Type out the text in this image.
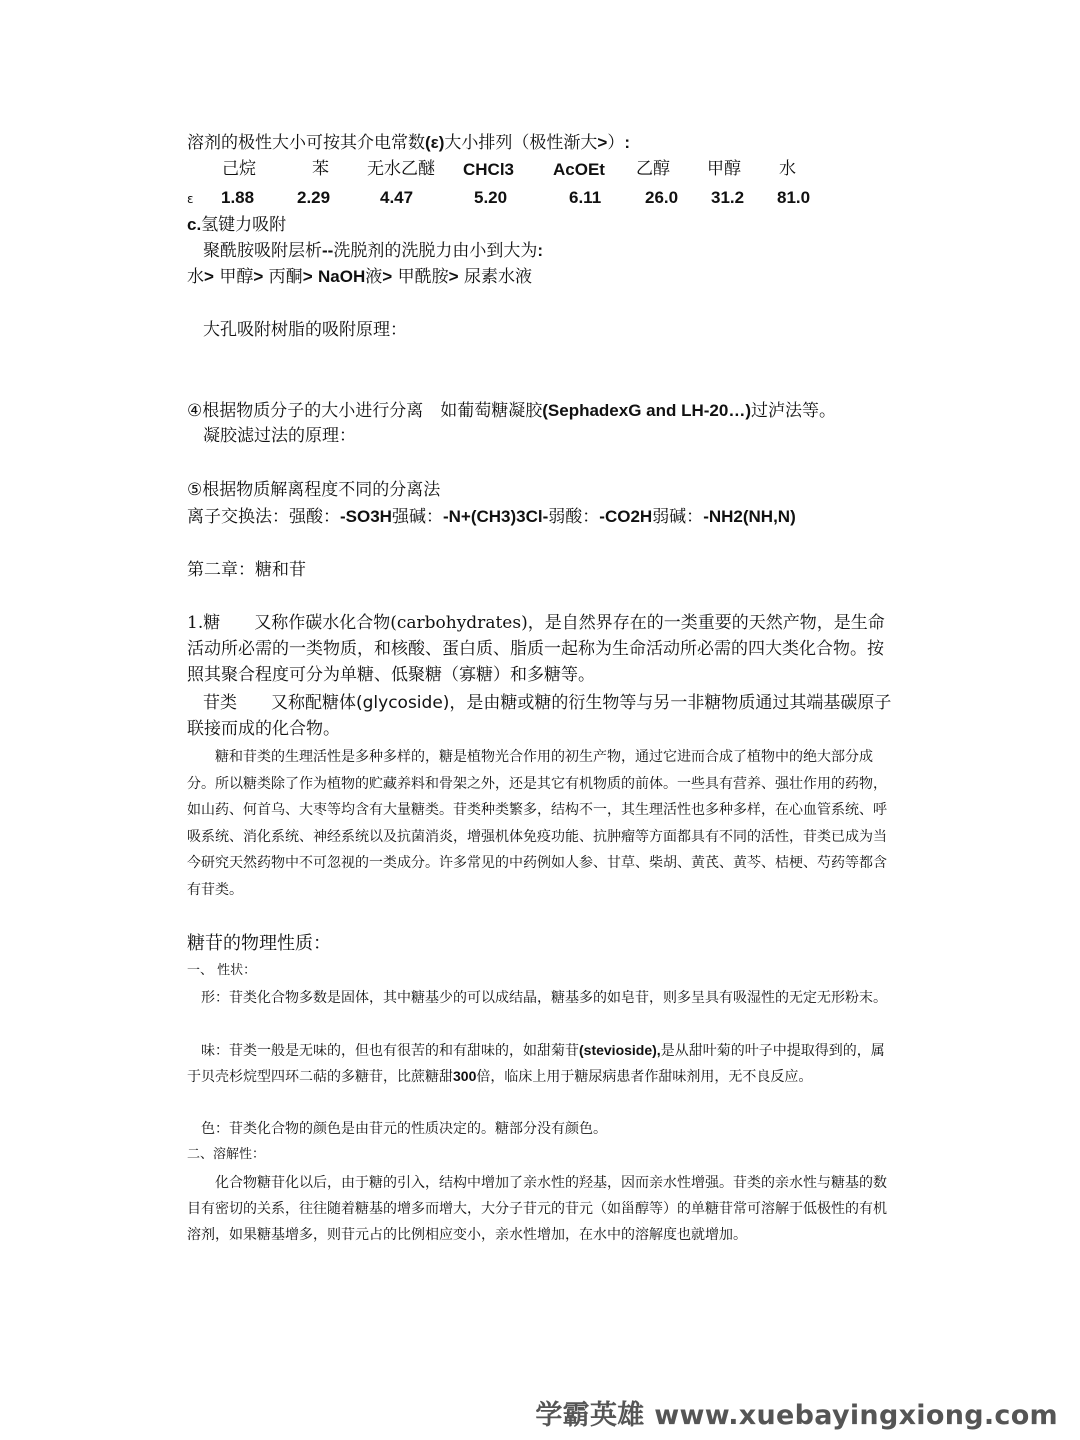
溶剂的极性大小可按其介电常数(ε)大小排列（极性渐大>）:
己烷	苯 无水乙醚 CHCl3 AcOEt 乙醇 甲醇 水
ε 1.88	2.29	4.47	5.20	6.11	26.0 31.2 81.0
c.氢键力吸附
聚酰胺吸附层析--洗脱剂的洗脱力由小到大为:
水> 甲醇> 丙酮> NaOH液> 甲酰胺> 尿素水液
大孔吸附树脂的吸附原理：
④根据物质分子的大小进行分离　如葡萄糖凝胶(SephadexG and LH-20…)过泸法等。
凝胶滤过法的原理：
⑤根据物质解离程度不同的分离法
离子交换法：强酸：-SO3H强碱：-N+(CH3)3Cl-弱酸：-CO2H弱碱：-NH2(NH,N)
第二章：糖和苷
1.糖　　又称作碳水化合物(carbohydrates)，是自然界存在的一类重要的天然产物，是生命活动所必需的一类物质，和核酸、蛋白质、脂质一起称为生命活动所必需的四大类化合物。按照其聚合程度可分为单糖、低聚糖（寡糖）和多糖等。
苷类　　又称配糖体(glycoside)，是由糖或糖的衍生物等与另一非糖物质通过其端基碳原子联接而成的化合物。
糖和苷类的生理活性是多种多样的，糖是植物光合作用的初生产物，通过它进而合成了植物中的绝大部分成分。所以糖类除了作为植物的贮藏养料和骨架之外，还是其它有机物质的前体。一些具有营养、强壮作用的药物，如山药、何首乌、大枣等均含有大量糖类。苷类种类繁多，结构不一，其生理活性也多种多样，在心血管系统、呼吸系统、消化系统、神经系统以及抗菌消炎，增强机体免疫功能、抗肿瘤等方面都具有不同的活性，苷类已成为当今研究天然药物中不可忽视的一类成分。许多常见的中药例如人参、甘草、柴胡、黄芪、黄芩、桔梗、芍药等都含有苷类。
糖苷的物理性质：
一、 性状：
形：苷类化合物多数是固体，其中糖基少的可以成结晶，糖基多的如皂苷，则多呈具有吸湿性的无定无形粉末。
味：苷类一般是无味的，但也有很苦的和有甜味的，如甜菊苷(stevioside),是从甜叶菊的叶子中提取得到的，属于贝壳杉烷型四环二萜的多糖苷，比蔗糖甜300倍，临床上用于糖尿病患者作甜味剂用，无不良反应。
色：苷类化合物的颜色是由苷元的性质决定的。糖部分没有颜色。
二、溶解性：
化合物糖苷化以后，由于糖的引入，结构中增加了亲水性的羟基，因而亲水性增强。苷类的亲水性与糖基的数目有密切的关系，往往随着糖基的增多而增大，大分子苷元的苷元（如甾醇等）的单糖苷常可溶解于低极性的有机溶剂，如果糖基增多，则苷元占的比例相应变小，亲水性增加，在水中的溶解度也就增加。
学霸英雄 www.xuebayingxiong.com
